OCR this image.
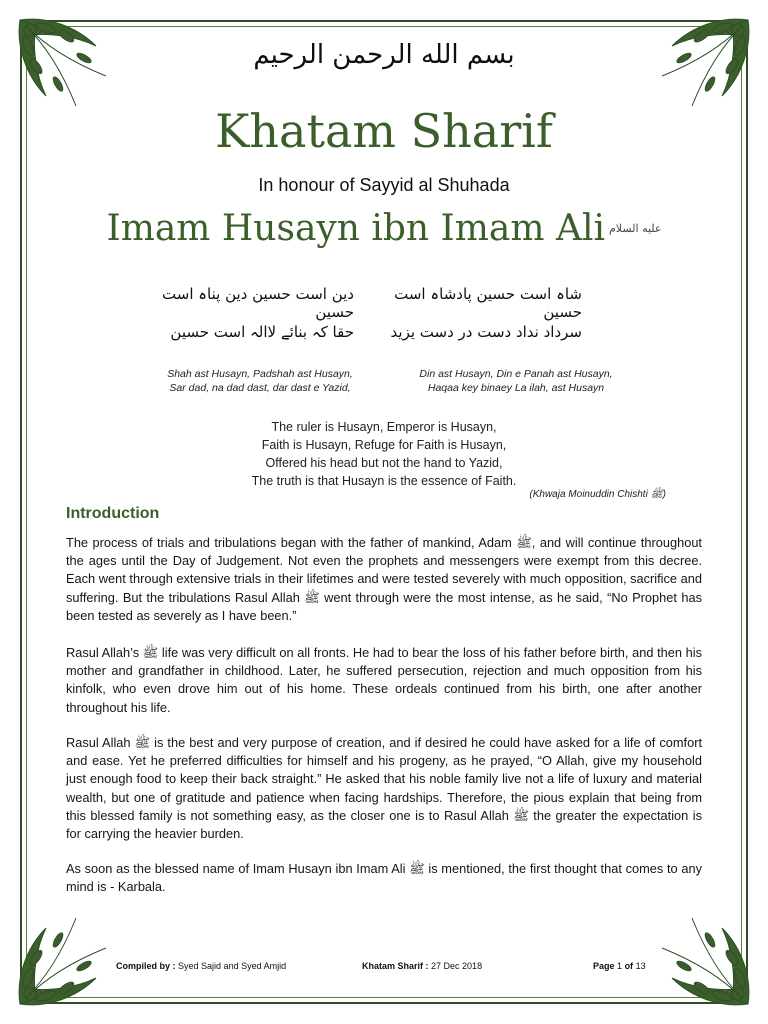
بسم الله الرحمن الرحيم
Khatam Sharif
In honour of Sayyid al Shuhada
Imam Husayn ibn Imam Ali $^{عليه السلام}$
شاہ است حسین پادشاہ است حسین
سرداد نداد دست در دست یزید
دین است حسین دین پناہ است حسین
حقا کہ بنائے لاالہ است حسین
Shah ast Husayn, Padshah ast Husayn,
Sar dad, na dad dast, dar dast e Yazid,
Din ast Husayn, Din e Panah ast Husayn,
Haqaa key binaey La ilah, ast Husayn
The ruler is Husayn, Emperor is Husayn,
Faith is Husayn, Refuge for Faith is Husayn,
Offered his head but not the hand to Yazid,
The truth is that Husayn is the essence of Faith.
(Khwaja Moinuddin Chishti ﷺ)
Introduction
The process of trials and tribulations began with the father of mankind, Adam ﷺ, and will continue throughout the ages until the Day of Judgement. Not even the prophets and messengers were exempt from this decree. Each went through extensive trials in their lifetimes and were tested severely with much opposition, sacrifice and suffering. But the tribulations Rasul Allah ﷺ went through were the most intense, as he said, “No Prophet has been tested as severely as I have been.”
Rasul Allah’s ﷺ life was very difficult on all fronts. He had to bear the loss of his father before birth, and then his mother and grandfather in childhood. Later, he suffered persecution, rejection and much opposition from his kinfolk, who even drove him out of his home. These ordeals continued from his birth, one after another throughout his life.
Rasul Allah ﷺ is the best and very purpose of creation, and if desired he could have asked for a life of comfort and ease. Yet he preferred difficulties for himself and his progeny, as he prayed, “O Allah, give my household just enough food to keep their back straight.” He asked that his noble family live not a life of luxury and material wealth, but one of gratitude and patience when facing hardships. Therefore, the pious explain that being from this blessed family is not something easy, as the closer one is to Rasul Allah ﷺ the greater the expectation is for carrying the heavier burden.
As soon as the blessed name of Imam Husayn ibn Imam Ali ﷺ is mentioned, the first thought that comes to any mind is - Karbala.
Compiled by : Syed Sajid and Syed Amjid	Khatam Sharif : 27 Dec 2018	Page 1 of 13
